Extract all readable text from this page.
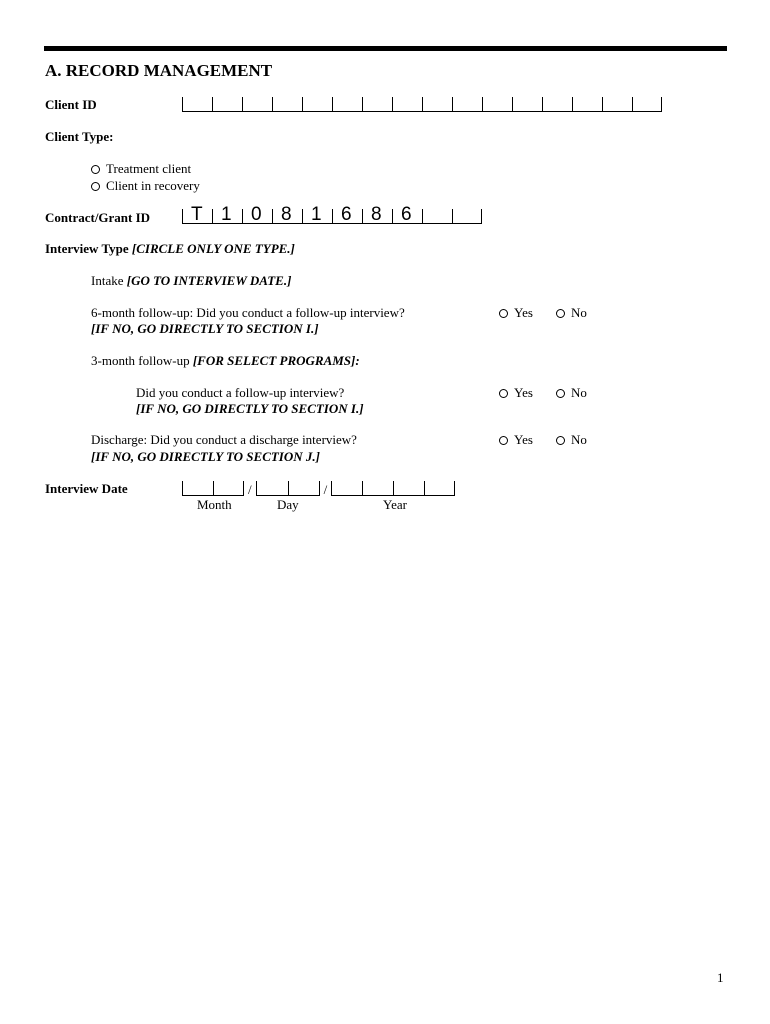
A. RECORD MANAGEMENT
Client ID
Client Type:
Treatment client
Client in recovery
Contract/Grant ID T 1 0 8 1 6 8 6
Interview Type [CIRCLE ONLY ONE TYPE.]
Intake [GO TO INTERVIEW DATE.]
6-month follow-up: Did you conduct a follow-up interview?
[IF NO, GO DIRECTLY TO SECTION I.]
Yes	No
3-month follow-up [FOR SELECT PROGRAMS]:
Did you conduct a follow-up interview?
[IF NO, GO DIRECTLY TO SECTION I.]
Yes	No
Discharge: Did you conduct a discharge interview?
[IF NO, GO DIRECTLY TO SECTION J.]
Yes	No
Interview Date	/	/
Month	Day	Year
1
